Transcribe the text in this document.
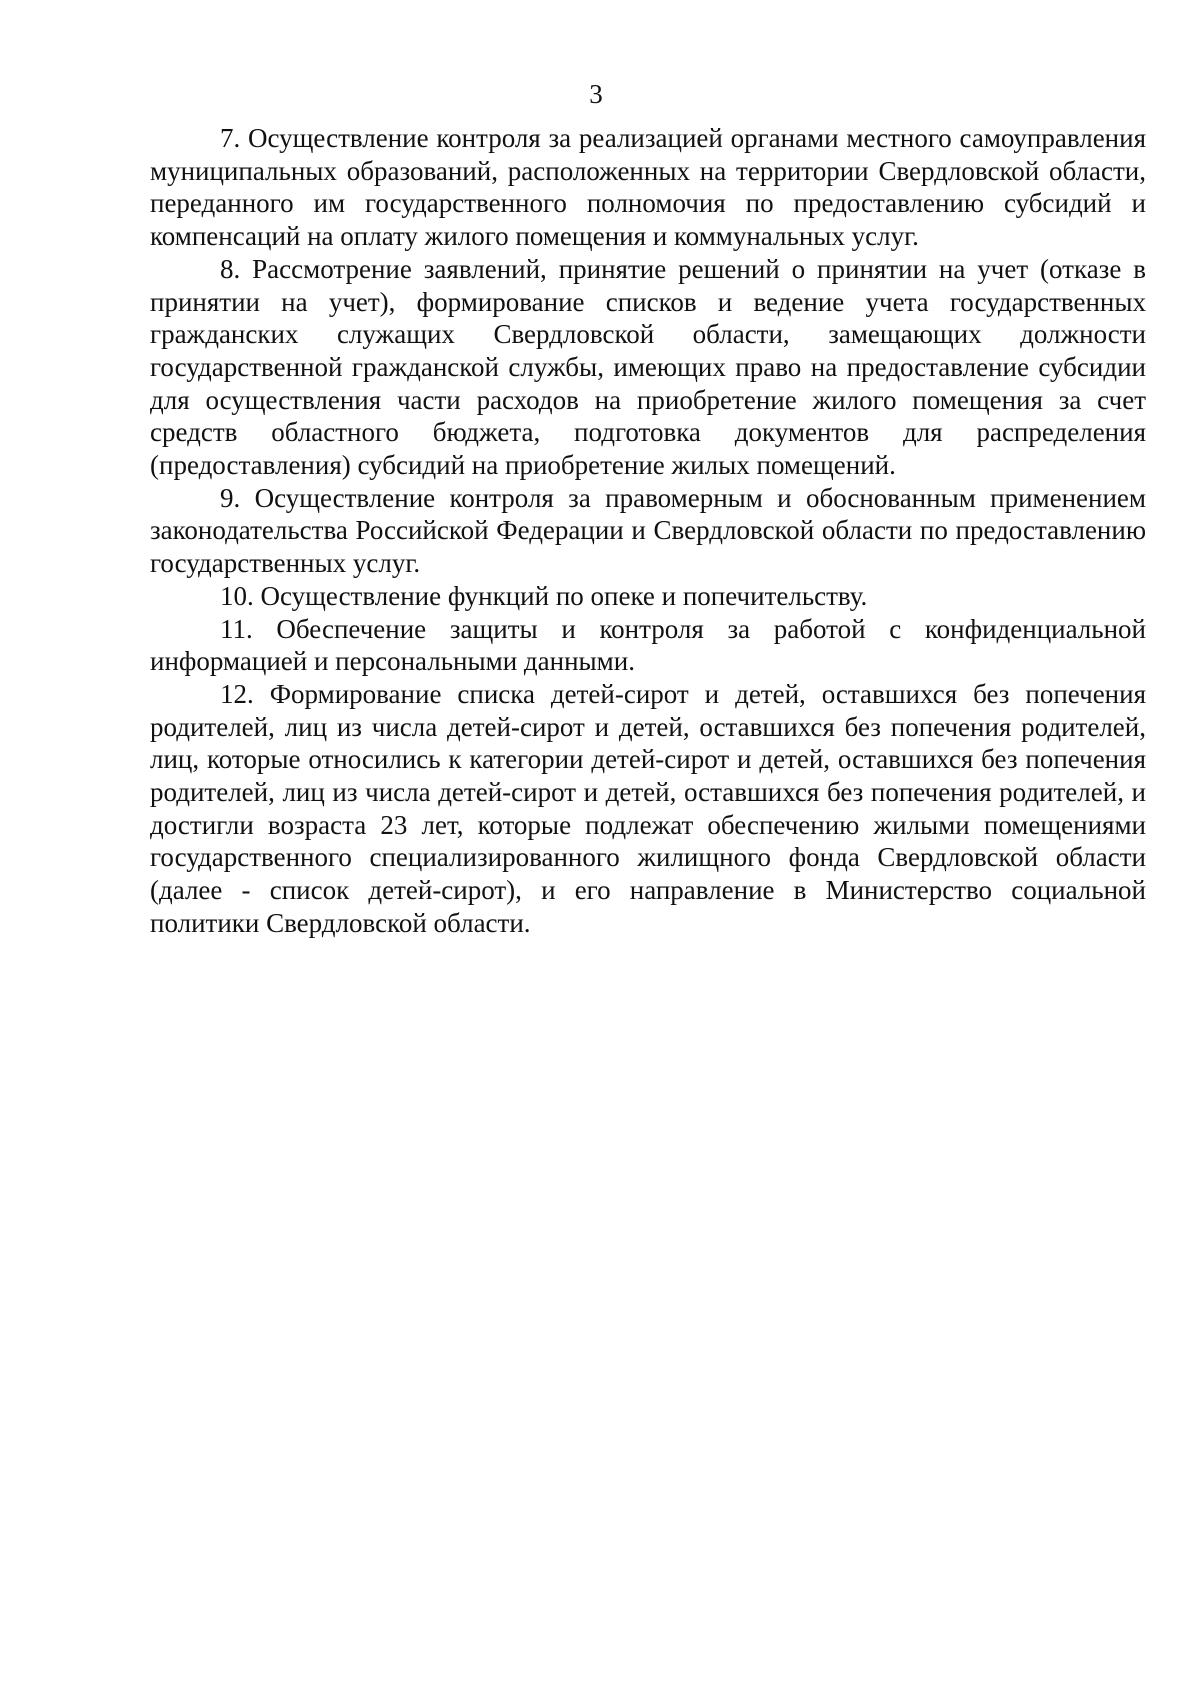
3

7. Осуществление контроля за реализацией органами местного самоуправления муниципальных образований, расположенных на территории Свердловской области, переданного им государственного полномочия по предоставлению субсидий и компенсаций на оплату жилого помещения и коммунальных услуг.

8. Рассмотрение заявлений, принятие решений о принятии на учет (отказе в принятии на учет), формирование списков и ведение учета государственных гражданских служащих Свердловской области, замещающих должности государственной гражданской службы, имеющих право на предоставление субсидии для осуществления части расходов на приобретение жилого помещения за счет средств областного бюджета, подготовка документов для распределения (предоставления) субсидий на приобретение жилых помещений.

9. Осуществление контроля за правомерным и обоснованным применением законодательства Российской Федерации и Свердловской области по предоставлению государственных услуг.

10. Осуществление функций по опеке и попечительству.

11. Обеспечение защиты и контроля за работой с конфиденциальной информацией и персональными данными.

12. Формирование списка детей-сирот и детей, оставшихся без попечения родителей, лиц из числа детей-сирот и детей, оставшихся без попечения родителей, лиц, которые относились к категории детей-сирот и детей, оставшихся без попечения родителей, лиц из числа детей-сирот и детей, оставшихся без попечения родителей, и достигли возраста 23 лет, которые подлежат обеспечению жилыми помещениями государственного специализированного жилищного фонда Свердловской области (далее - список детей-сирот), и его направление в Министерство социальной политики Свердловской области.
